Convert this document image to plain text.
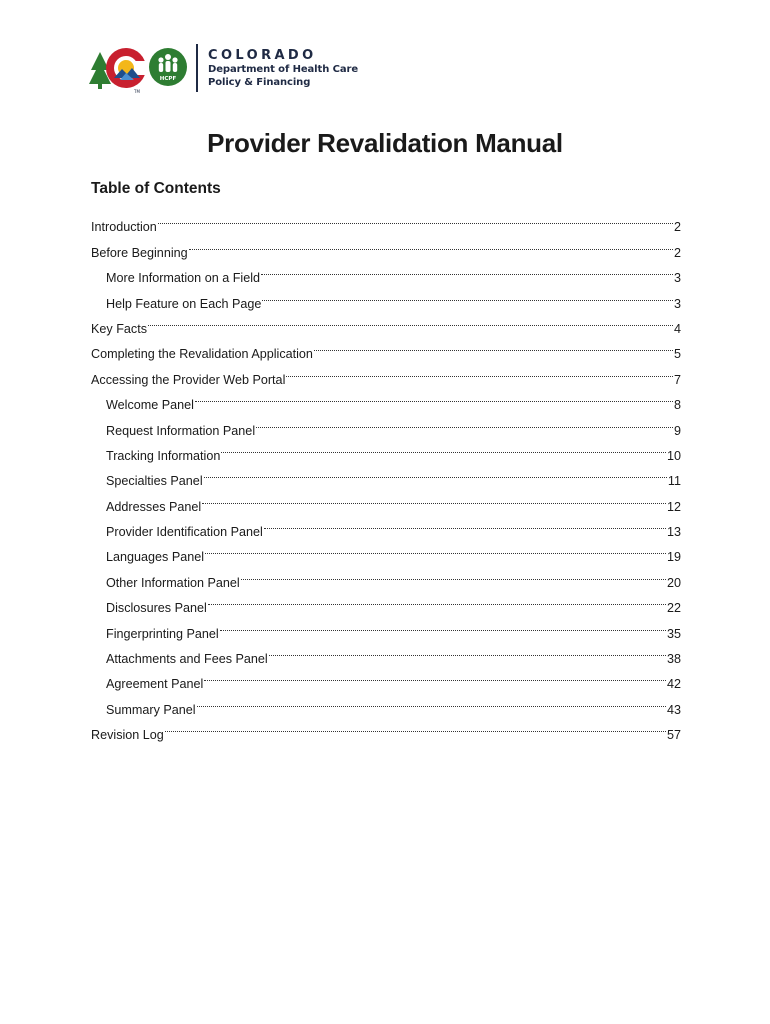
TM
HCPF
COLORADO
Department of Health Care
Policy & Financing
Provider Revalidation Manual
Table of Contents
Introduction	2
Before Beginning	2
More Information on a Field	3
Help Feature on Each Page	3
Key Facts	4
Completing the Revalidation Application	5
Accessing the Provider Web Portal	7
Welcome Panel	8
Request Information Panel	9
Tracking Information	10
Specialties Panel	11
Addresses Panel	12
Provider Identification Panel	13
Languages Panel	19
Other Information Panel	20
Disclosures Panel	22
Fingerprinting Panel	35
Attachments and Fees Panel	38
Agreement Panel	42
Summary Panel	43
Revision Log	57
